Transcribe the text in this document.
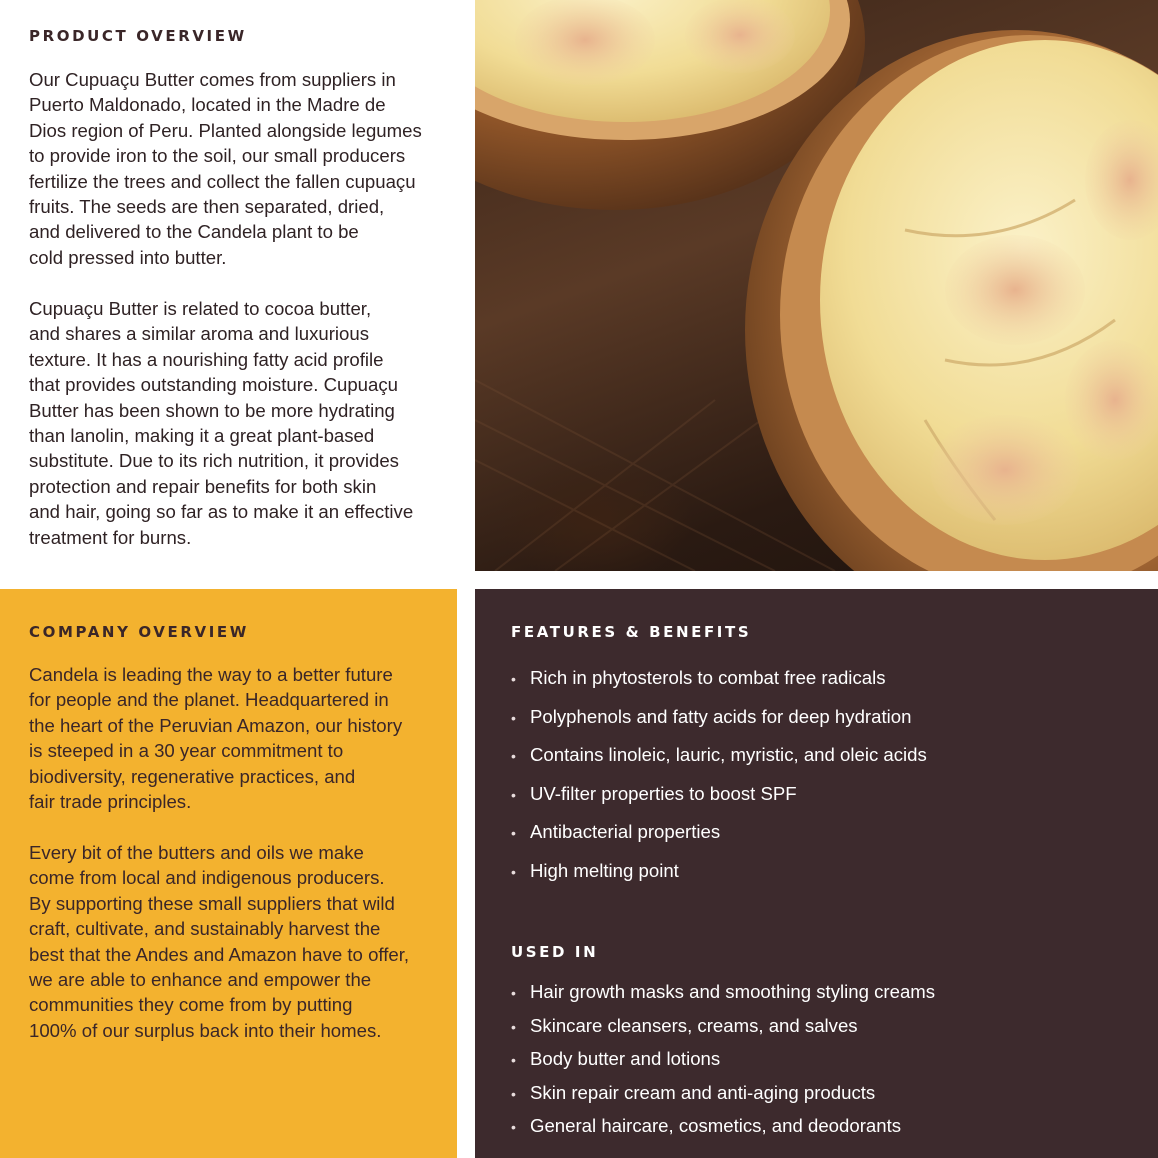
PRODUCT OVERVIEW

Our Cupuaçu Butter comes from suppliers in
Puerto Maldonado, located in the Madre de
Dios region of Peru. Planted alongside legumes
to provide iron to the soil, our small producers
fertilize the trees and collect the fallen cupuaçu
fruits. The seeds are then separated, dried,
and delivered to the Candela plant to be
cold pressed into butter.

Cupuaçu Butter is related to cocoa butter,
and shares a similar aroma and luxurious
texture. It has a nourishing fatty acid profile
that provides outstanding moisture. Cupuaçu
Butter has been shown to be more hydrating
than lanolin, making it a great plant-based
substitute. Due to its rich nutrition, it provides
protection and repair benefits for both skin
and hair, going so far as to make it an effective
treatment for burns.

COMPANY OVERVIEW

Candela is leading the way to a better future
for people and the planet. Headquartered in
the heart of the Peruvian Amazon, our history
is steeped in a 30 year commitment to
biodiversity, regenerative practices, and
fair trade principles.

Every bit of the butters and oils we make
come from local and indigenous producers.
By supporting these small suppliers that wild
craft, cultivate, and sustainably harvest the
best that the Andes and Amazon have to offer,
we are able to enhance and empower the
communities they come from by putting
100% of our surplus back into their homes.

FEATURES & BENEFITS
• Rich in phytosterols to combat free radicals
• Polyphenols and fatty acids for deep hydration
• Contains linoleic, lauric, myristic, and oleic acids
• UV-filter properties to boost SPF
• Antibacterial properties
• High melting point
USED IN
• Hair growth masks and smoothing styling creams
• Skincare cleansers, creams, and salves
• Body butter and lotions
• Skin repair cream and anti-aging products
• General haircare, cosmetics, and deodorants
